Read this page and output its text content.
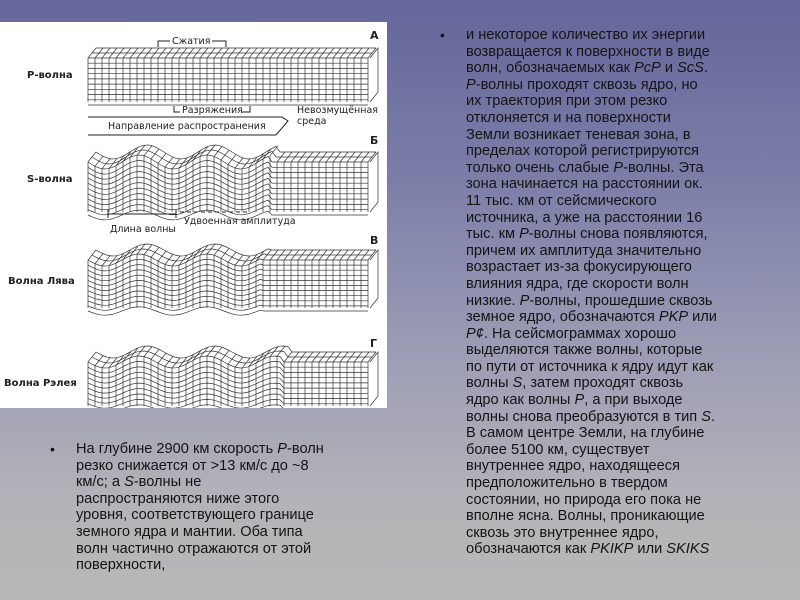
А
Б
В
Г
Р-волна
S-волна
Волна Лява
Волна Рэлея
Сжатия
Разряжения
Направление распространения
Невозмущённая
среда
Удвоенная амплитуда
Длина волны
• На глубине 2900 км скорость P-волн
резко снижается от >13 км/с до ~8
км/с; а S-волны не
распространяются ниже этого
уровня, соответствующего границе
земного ядра и мантии. Оба типа
волн частично отражаются от этой
поверхности,
• и некоторое количество их энергии
возвращается к поверхности в виде
волн, обозначаемых как PcP и ScS.
P-волны проходят сквозь ядро, но
их траектория при этом резко
отклоняется и на поверхности
Земли возникает теневая зона, в
пределах которой регистрируются
только очень слабые P-волны. Эта
зона начинается на расстоянии ок.
11 тыс. км от сейсмического
источника, а уже на расстоянии 16
тыс. км P-волны снова появляются,
причем их амплитуда значительно
возрастает из-за фокусирующего
влияния ядра, где скорости волн
низкие. P-волны, прошедшие сквозь
земное ядро, обозначаются PKP или
P¢. На сейсмограммах хорошо
выделяются также волны, которые
по пути от источника к ядру идут как
волны S, затем проходят сквозь
ядро как волны P, а при выходе
волны снова преобразуются в тип S.
В самом центре Земли, на глубине
более 5100 км, существует
внутреннее ядро, находящееся
предположительно в твердом
состоянии, но природа его пока не
вполне ясна. Волны, проникающие
сквозь это внутреннее ядро,
обозначаются как PKIKP или SKIKS
